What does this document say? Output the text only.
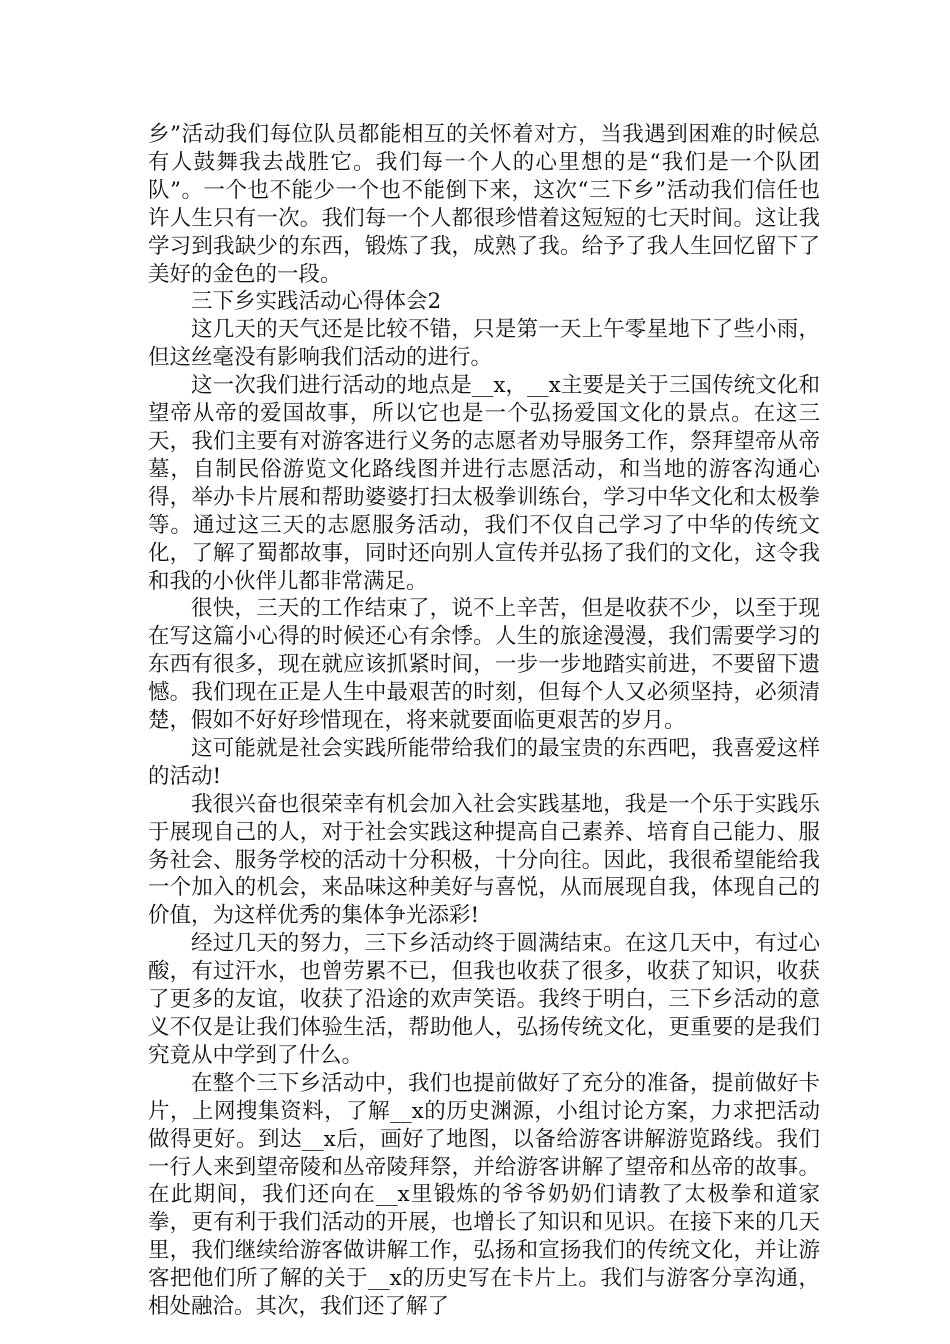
乡”活动我们每位队员都能相互的关怀着对方，当我遇到困难的时候总有人鼓舞我去战胜它。我们每一个人的心里想的是“我们是一个队团队”。一个也不能少一个也不能倒下来，这次“三下乡”活动我们信任也许人生只有一次。我们每一个人都很珍惜着这短短的七天时间。这让我学习到我缺少的东西，锻炼了我，成熟了我。给予了我人生回忆留下了美好的金色的一段。

三下乡实践活动心得体会2

这几天的天气还是比较不错，只是第一天上午零星地下了些小雨，但这丝毫没有影响我们活动的进行。

这一次我们进行活动的地点是__x，__x主要是关于三国传统文化和望帝从帝的爱国故事，所以它也是一个弘扬爱国文化的景点。在这三天，我们主要有对游客进行义务的志愿者劝导服务工作，祭拜望帝从帝墓，自制民俗游览文化路线图并进行志愿活动，和当地的游客沟通心得，举办卡片展和帮助婆婆打扫太极拳训练台，学习中华文化和太极拳等。通过这三天的志愿服务活动，我们不仅自己学习了中华的传统文化，了解了蜀都故事，同时还向别人宣传并弘扬了我们的文化，这令我和我的小伙伴儿都非常满足。

很快，三天的工作结束了，说不上辛苦，但是收获不少，以至于现在写这篇小心得的时候还心有余悸。人生的旅途漫漫，我们需要学习的东西有很多，现在就应该抓紧时间，一步一步地踏实前进，不要留下遗憾。我们现在正是人生中最艰苦的时刻，但每个人又必须坚持，必须清楚，假如不好好珍惜现在，将来就要面临更艰苦的岁月。

这可能就是社会实践所能带给我们的最宝贵的东西吧，我喜爱这样的活动!

我很兴奋也很荣幸有机会加入社会实践基地，我是一个乐于实践乐于展现自己的人，对于社会实践这种提高自己素养、培育自己能力、服务社会、服务学校的活动十分积极，十分向往。因此，我很希望能给我一个加入的机会，来品味这种美好与喜悦，从而展现自我，体现自己的价值，为这样优秀的集体争光添彩!

经过几天的努力，三下乡活动终于圆满结束。在这几天中，有过心酸，有过汗水，也曾劳累不已，但我也收获了很多，收获了知识，收获了更多的友谊，收获了沿途的欢声笑语。我终于明白，三下乡活动的意义不仅是让我们体验生活，帮助他人，弘扬传统文化，更重要的是我们究竟从中学到了什么。

在整个三下乡活动中，我们也提前做好了充分的准备，提前做好卡片，上网搜集资料，了解__x的历史渊源，小组讨论方案，力求把活动做得更好。到达__x后，画好了地图，以备给游客讲解游览路线。我们一行人来到望帝陵和丛帝陵拜祭，并给游客讲解了望帝和丛帝的故事。在此期间，我们还向在__x里锻炼的爷爷奶奶们请教了太极拳和道家拳，更有利于我们活动的开展，也增长了知识和见识。在接下来的几天里，我们继续给游客做讲解工作，弘扬和宣扬我们的传统文化，并让游客把他们所了解的关于__x的历史写在卡片上。我们与游客分享沟通，相处融洽。其次，我们还了解了
